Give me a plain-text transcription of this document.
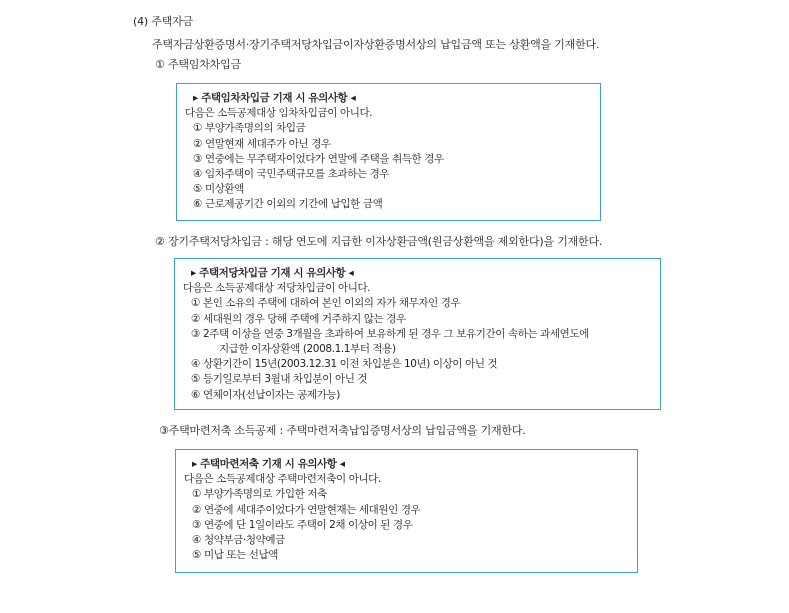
(4) 주택자금
주택자금상환증명서·장기주택저당차입금이자상환증명서상의 납입금액 또는 상환액을 기재한다.
① 주택임차차입금
▸ 주택임차차입금 기재 시 유의사항 ◂
다음은 소득공제대상 임차차입금이 아니다.
① 부양가족명의의 차입금
② 연말현재 세대주가 아닌 경우
③ 연중에는 무주택자이었다가 연말에 주택을 취득한 경우
④ 임차주택이 국민주택규모를 초과하는 경우
⑤ 미상환액
⑥ 근로제공기간 이외의 기간에 납입한 금액
② 장기주택저당차입금 : 해당 연도에 지급한 이자상환금액(원금상환액을 제외한다)을 기재한다.
▸ 주택저당차입금 기재 시 유의사항 ◂
다음은 소득공제대상 저당차입금이 아니다.
① 본인 소유의 주택에 대하여 본인 이외의 자가 채무자인 경우
② 세대원의 경우 당해 주택에 거주하지 않는 경우
③ 2주택 이상을 연중 3개월을 초과하여 보유하게 된 경우 그 보유기간이 속하는 과세연도에
지급한 이자상환액 (2008.1.1부터 적용)
④ 상환기간이 15년(2003.12.31 이전 차입분은 10년) 이상이 아닌 것
⑤ 등기일로부터 3월내 차입분이 아닌 것
⑥ 연체이자(선납이자는 공제가능)
③주택마련저축 소득공제 : 주택마련저축납입증명서상의 납입금액을 기재한다.
▸ 주택마련저축 기재 시 유의사항 ◂
다음은 소득공제대상 주택마련저축이 아니다.
① 부양가족명의로 가입한 저축
② 연중에 세대주이었다가 연말현재는 세대원인 경우
③ 연중에 단 1일이라도 주택이 2채 이상이 된 경우
④ 청약부금·청약예금
⑤ 미납 또는 선납액
